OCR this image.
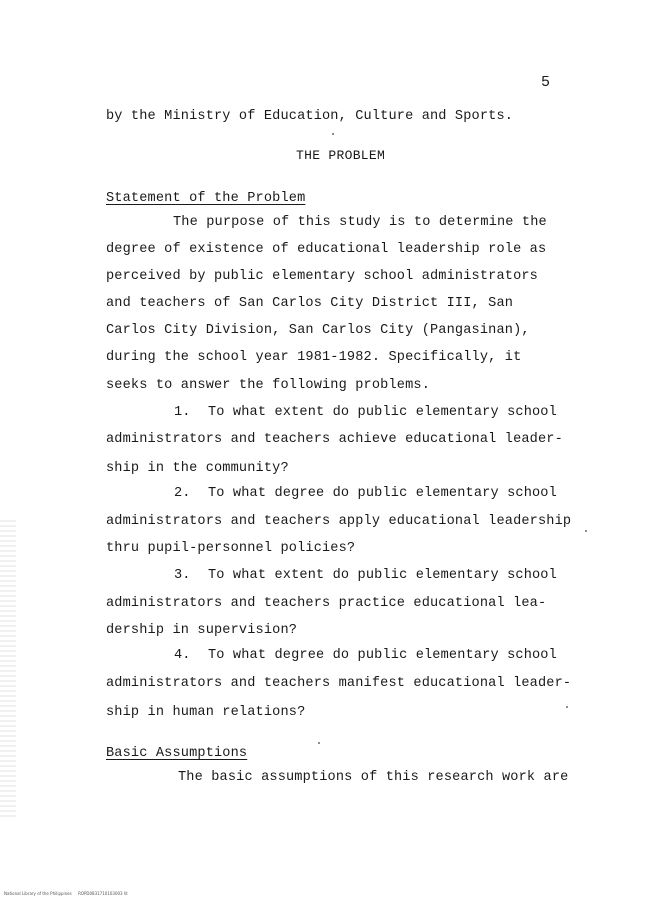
5
by the Ministry of Education, Culture and Sports.
THE PROBLEM
Statement of the Problem
The purpose of this study is to determine the
degree of existence of educational leadership role as
perceived by public elementary school administrators
and teachers of San Carlos City District III, San
Carlos City Division, San Carlos City (Pangasinan),
during the school year 1981-1982. Specifically, it
seeks to answer the following problems.
1. To what extent do public elementary school
administrators and teachers achieve educational leader-
ship in the community?
2. To what degree do public elementary school
administrators and teachers apply educational leadership
thru pupil-personnel policies?
3. To what extent do public elementary school
administrators and teachers practice educational lea-
dership in supervision?
4. To what degree do public elementary school
administrators and teachers manifest educational leader-
ship in human relations?
Basic Assumptions
The basic assumptions of this research work are
National Library of the Philippines ROPD0831710103003 lit
